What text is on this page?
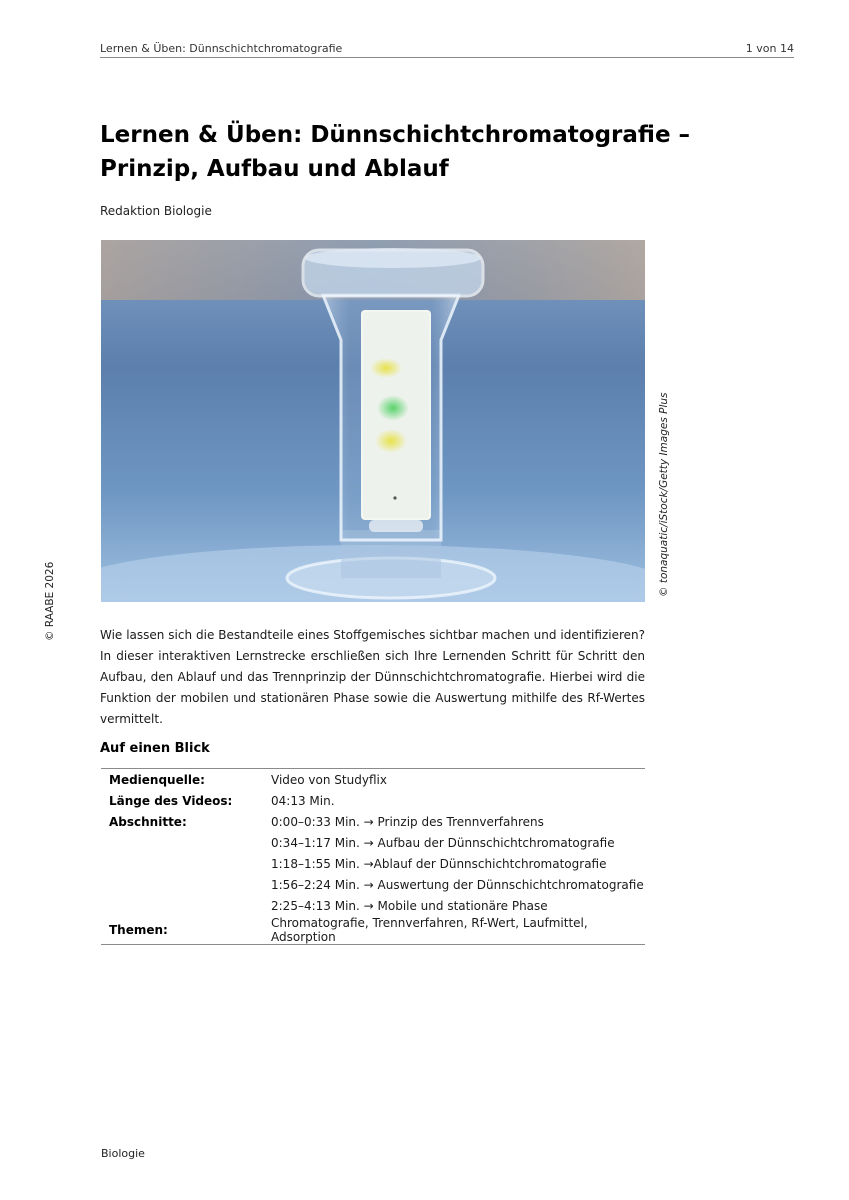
Lernen & Üben: Dünnschichtchromatografie	1 von 14
Lernen & Üben: Dünnschichtchromatografie – Prinzip, Aufbau und Ablauf
Redaktion Biologie
© tonaquatic/iStock/Getty Images Plus
© RAABE 2026	Wie lassen sich die Bestandteile eines Stoffgemisches sichtbar machen und identifizieren? In dieser interaktiven Lernstrecke erschließen sich Ihre Lernenden Schritt für Schritt den Aufbau, den Ablauf und das Trennprinzip der Dünnschichtchromatografie. Hierbei wird die Funktion der mobilen und stationären Phase sowie die Auswertung mithilfe des Rf-Wertes vermittelt.

Auf einen Blick
Medienquelle:	Video von Studyflix
Länge des Videos:	04:13 Min.
Abschnitte:	0:00–0:33 Min. → Prinzip des Trennverfahrens
	0:34–1:17 Min. → Aufbau der Dünnschichtchromatografie
	1:18–1:55 Min. →Ablauf der Dünnschichtchromatografie
	1:56–2:24 Min. → Auswertung der Dünnschichtchromatografie
	2:25–4:13 Min. → Mobile und stationäre Phase
Themen:	Chromatografie, Trennverfahren, Rf-Wert, Laufmittel, Adsorption
Biologie
